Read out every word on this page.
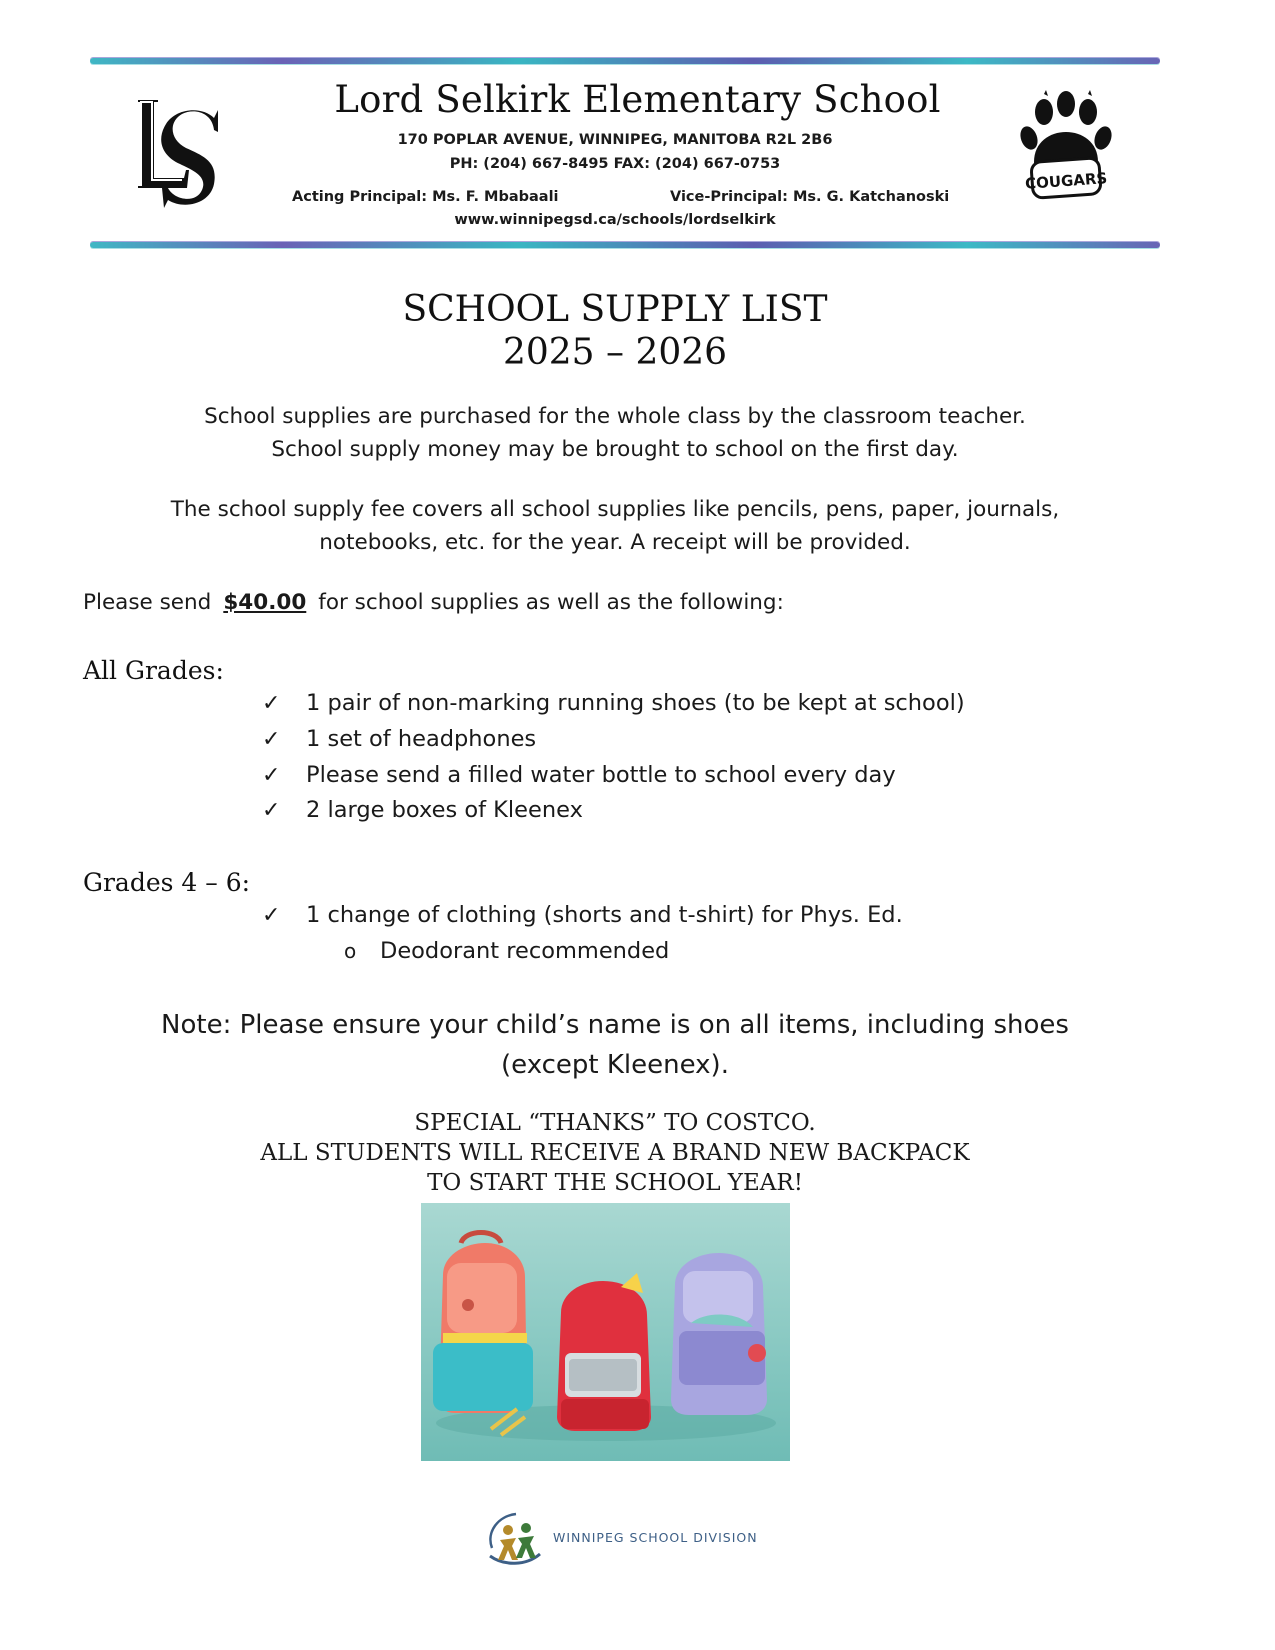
Lord Selkirk Elementary School
170 POPLAR AVENUE, WINNIPEG, MANITOBA R2L 2B6
PH: (204) 667-8495 FAX: (204) 667-0753
Acting Principal: Ms. F. Mbabaali	Vice-Principal: Ms. G. Katchanoski
www.winnipegsd.ca/schools/lordselkirk
COUGARS
SCHOOL SUPPLY LIST
2025 – 2026
School supplies are purchased for the whole class by the classroom teacher.
School supply money may be brought to school on the first day.
The school supply fee covers all school supplies like pencils, pens, paper, journals,
notebooks, etc. for the year. A receipt will be provided.
Please send $40.00 for school supplies as well as the following:
All Grades:
✓ 1 pair of non-marking running shoes (to be kept at school)
✓ 1 set of headphones
✓ Please send a filled water bottle to school every day
✓ 2 large boxes of Kleenex
Grades 4 – 6:
✓ 1 change of clothing (shorts and t-shirt) for Phys. Ed.
o Deodorant recommended
Note: Please ensure your child’s name is on all items, including shoes
(except Kleenex).
SPECIAL “THANKS” TO COSTCO.
ALL STUDENTS WILL RECEIVE A BRAND NEW BACKPACK
TO START THE SCHOOL YEAR!
WINNIPEG SCHOOL DIVISION
